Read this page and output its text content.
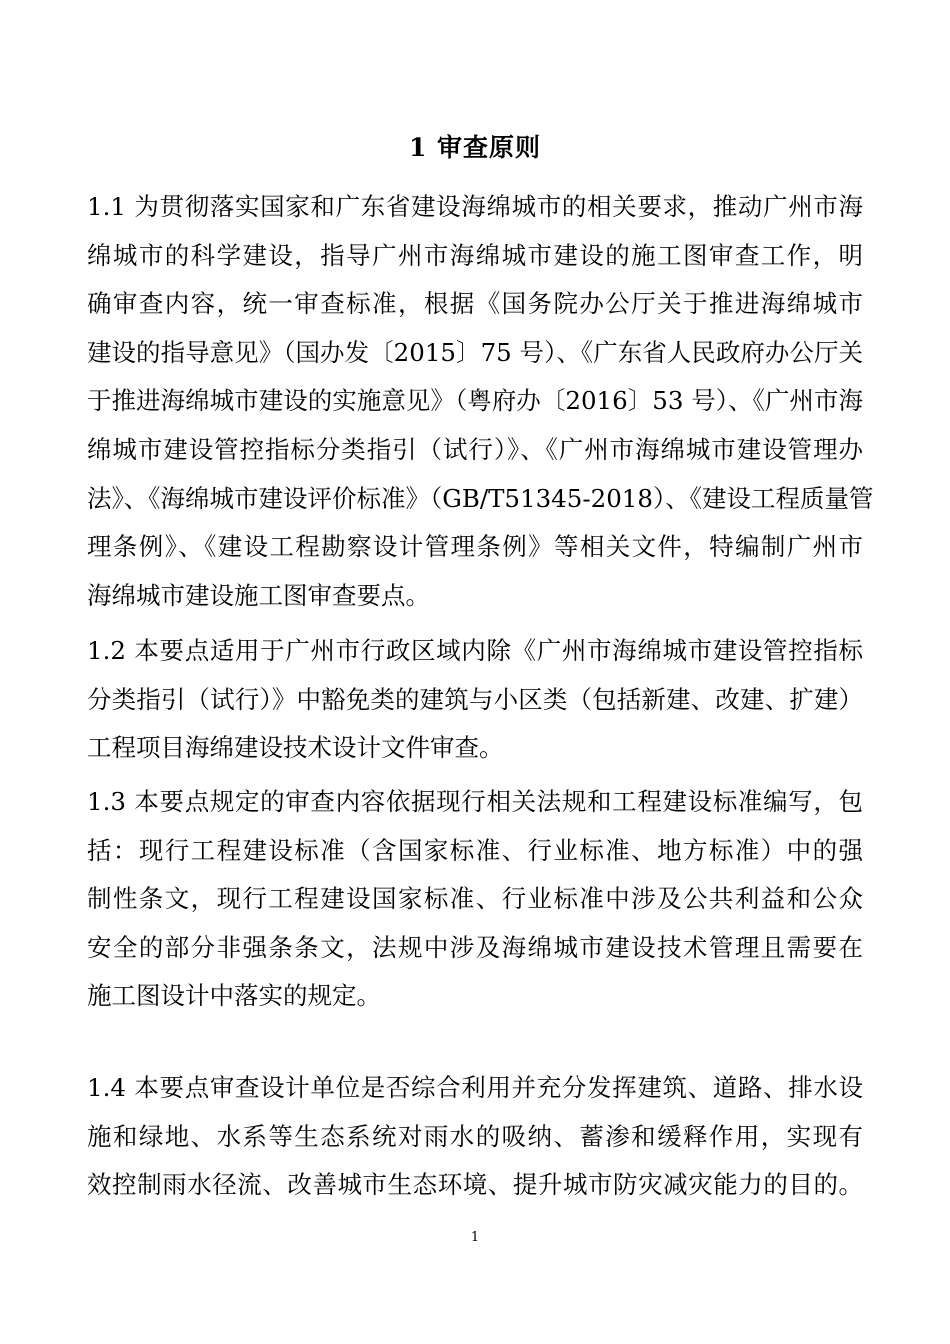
1 审查原则
1.1 为贯彻落实国家和广东省建设海绵城市的相关要求，推动广州市海
绵城市的科学建设，指导广州市海绵城市建设的施工图审查工作，明
确审查内容，统一审查标准，根据《国务院办公厅关于推进海绵城市
建设的指导意见》（国办发〔2015〕75 号）、《广东省人民政府办公厅关
于推进海绵城市建设的实施意见》（粤府办〔2016〕53 号）、《广州市海
绵城市建设管控指标分类指引（试行）》、《广州市海绵城市建设管理办
法》、《海绵城市建设评价标准》（GB/T51345-2018）、《建设工程质量管
理条例》、《建设工程勘察设计管理条例》等相关文件，特编制广州市
海绵城市建设施工图审查要点。
1.2 本要点适用于广州市行政区域内除《广州市海绵城市建设管控指标
分类指引（试行）》中豁免类的建筑与小区类（包括新建、改建、扩建）
工程项目海绵建设技术设计文件审查。
1.3 本要点规定的审查内容依据现行相关法规和工程建设标准编写，包
括：现行工程建设标准（含国家标准、行业标准、地方标准）中的强
制性条文，现行工程建设国家标准、行业标准中涉及公共利益和公众
安全的部分非强条条文，法规中涉及海绵城市建设技术管理且需要在
施工图设计中落实的规定。
1.4 本要点审查设计单位是否综合利用并充分发挥建筑、道路、排水设
施和绿地、水系等生态系统对雨水的吸纳、蓄渗和缓释作用，实现有
效控制雨水径流、改善城市生态环境、提升城市防灾减灾能力的目的。
1
